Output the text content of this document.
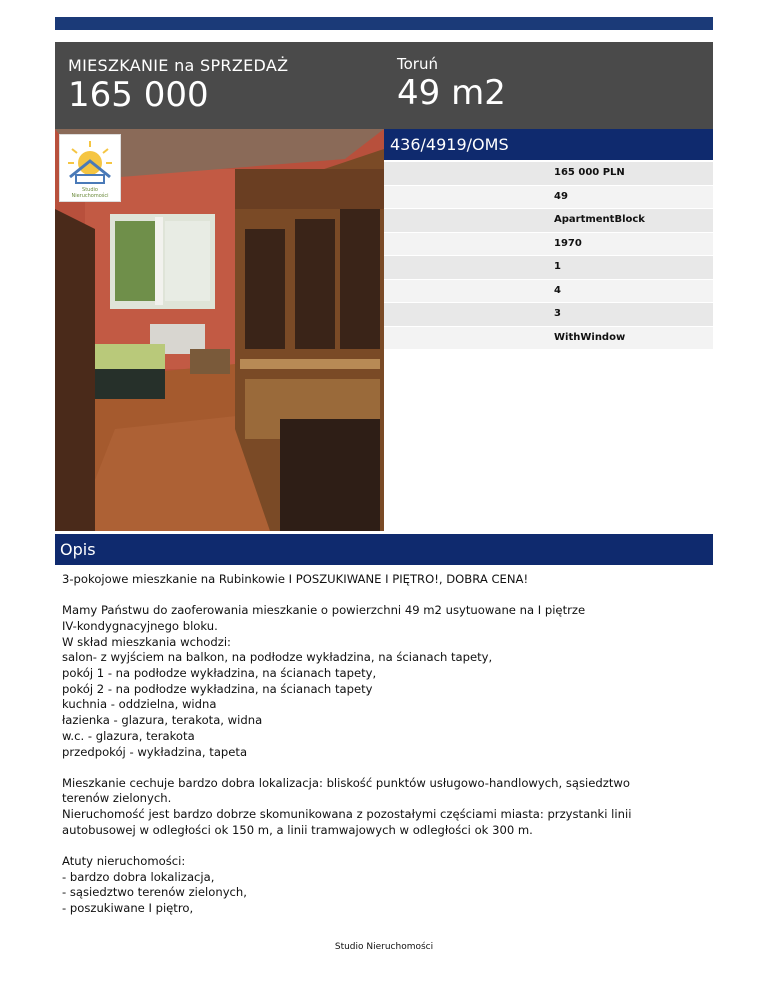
MIESZKANIE na SPRZEDAŻ
165 000
Toruń
49 m2
Studio
Nieruchomości
436/4919/OMS
165 000 PLN
49
ApartmentBlock
1970
1
4
3
WithWindow
Opis

3-pokojowe mieszkanie na Rubinkowie I POSZUKIWANE I PIĘTRO!, DOBRA CENA!

Mamy Państwu do zaoferowania mieszkanie o powierzchni 49 m2 usytuowane na I piętrze
IV-kondygnacyjnego bloku.
W skład mieszkania wchodzi:
salon- z wyjściem na balkon, na podłodze wykładzina, na ścianach tapety,
pokój 1 - na podłodze wykładzina, na ścianach tapety,
pokój 2 - na podłodze wykładzina, na ścianach tapety
kuchnia - oddzielna, widna
łazienka - glazura, terakota, widna
w.c. - glazura, terakota
przedpokój - wykładzina, tapeta

Mieszkanie cechuje bardzo dobra lokalizacja: bliskość punktów usługowo-handlowych, sąsiedztwo
terenów zielonych.
Nieruchomość jest bardzo dobrze skomunikowana z pozostałymi częściami miasta: przystanki linii
autobusowej w odległości ok 150 m, a linii tramwajowych w odległości ok 300 m.

Atuty nieruchomości:
- bardzo dobra lokalizacja,
- sąsiedztwo terenów zielonych,
- poszukiwane I piętro,

Studio Nieruchomości
